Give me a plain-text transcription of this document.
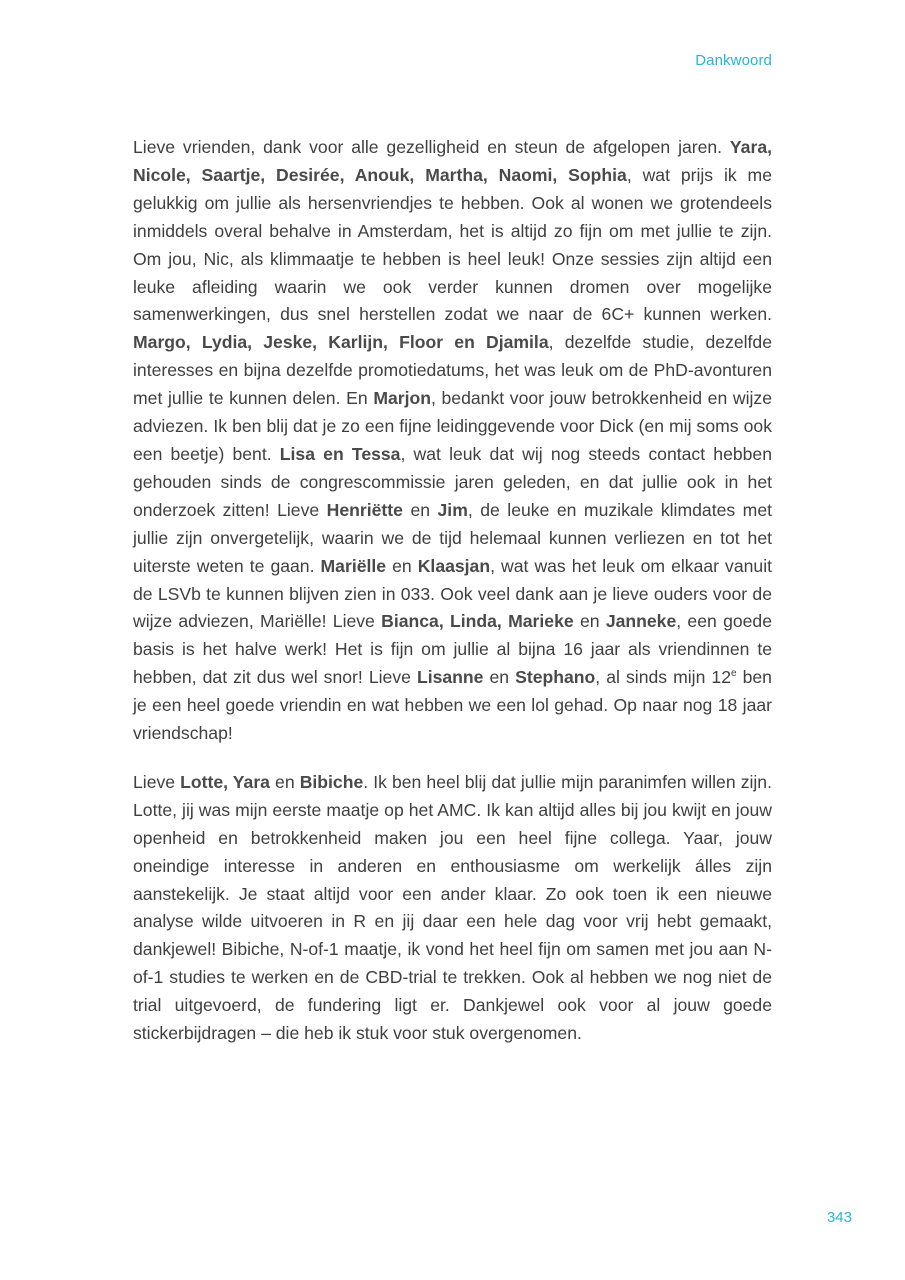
Dankwoord

Lieve vrienden, dank voor alle gezelligheid en steun de afgelopen jaren. Yara, Nicole, Saartje, Desirée, Anouk, Martha, Naomi, Sophia, wat prijs ik me gelukkig om jullie als hersenvriendjes te hebben. Ook al wonen we grotendeels inmiddels overal behalve in Amsterdam, het is altijd zo fijn om met jullie te zijn. Om jou, Nic, als klimmaatje te hebben is heel leuk! Onze sessies zijn altijd een leuke afleiding waarin we ook verder kunnen dromen over mogelijke samenwerkingen, dus snel herstellen zodat we naar de 6C+ kunnen werken. Margo, Lydia, Jeske, Karlijn, Floor en Djamila, dezelfde studie, dezelfde interesses en bijna dezelfde promotiedatums, het was leuk om de PhD-avonturen met jullie te kunnen delen. En Marjon, bedankt voor jouw betrokkenheid en wijze adviezen. Ik ben blij dat je zo een fijne leidinggevende voor Dick (en mij soms ook een beetje) bent. Lisa en Tessa, wat leuk dat wij nog steeds contact hebben gehouden sinds de congrescommissie jaren geleden, en dat jullie ook in het onderzoek zitten! Lieve Henriëtte en Jim, de leuke en muzikale klimdates met jullie zijn onvergetelijk, waarin we de tijd helemaal kunnen verliezen en tot het uiterste weten te gaan. Mariëlle en Klaasjan, wat was het leuk om elkaar vanuit de LSVb te kunnen blijven zien in 033. Ook veel dank aan je lieve ouders voor de wijze adviezen, Mariëlle! Lieve Bianca, Linda, Marieke en Janneke, een goede basis is het halve werk! Het is fijn om jullie al bijna 16 jaar als vriendinnen te hebben, dat zit dus wel snor! Lieve Lisanne en Stephano, al sinds mijn 12e ben je een heel goede vriendin en wat hebben we een lol gehad. Op naar nog 18 jaar vriendschap!

Lieve Lotte, Yara en Bibiche. Ik ben heel blij dat jullie mijn paranimfen willen zijn. Lotte, jij was mijn eerste maatje op het AMC. Ik kan altijd alles bij jou kwijt en jouw openheid en betrokkenheid maken jou een heel fijne collega. Yaar, jouw oneindige interesse in anderen en enthousiasme om werkelijk álles zijn aanstekelijk. Je staat altijd voor een ander klaar. Zo ook toen ik een nieuwe analyse wilde uitvoeren in R en jij daar een hele dag voor vrij hebt gemaakt, dankjewel! Bibiche, N-of-1 maatje, ik vond het heel fijn om samen met jou aan N-of-1 studies te werken en de CBD-trial te trekken. Ook al hebben we nog niet de trial uitgevoerd, de fundering ligt er. Dankjewel ook voor al jouw goede stickerbijdragen – die heb ik stuk voor stuk overgenomen.

343
